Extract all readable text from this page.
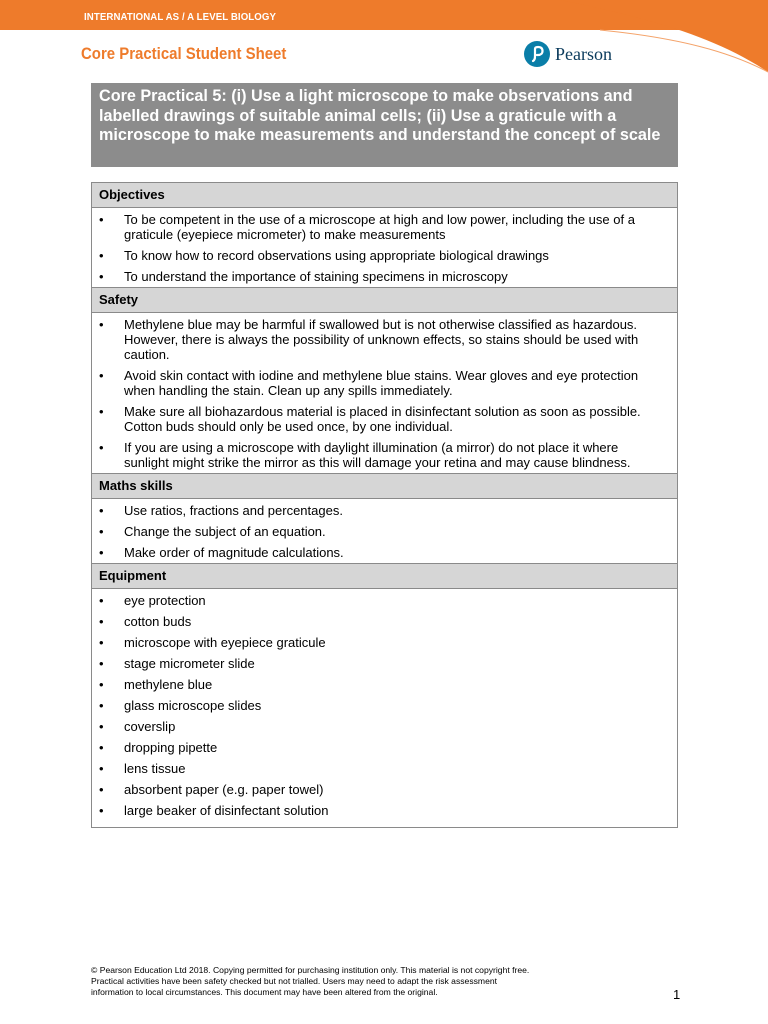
INTERNATIONAL AS / A LEVEL BIOLOGY
Core Practical Student Sheet	Pearson
Core Practical 5: (i) Use a light microscope to make observations and labelled drawings of suitable animal cells; (ii) Use a graticule with a microscope to make measurements and understand the concept of scale
Objectives
• To be competent in the use of a microscope at high and low power, including the use of a graticule (eyepiece micrometer) to make measurements
• To know how to record observations using appropriate biological drawings
• To understand the importance of staining specimens in microscopy
Safety
• Methylene blue may be harmful if swallowed but is not otherwise classified as hazardous. However, there is always the possibility of unknown effects, so stains should be used with caution.
• Avoid skin contact with iodine and methylene blue stains. Wear gloves and eye protection when handling the stain. Clean up any spills immediately.
• Make sure all biohazardous material is placed in disinfectant solution as soon as possible. Cotton buds should only be used once, by one individual.
• If you are using a microscope with daylight illumination (a mirror) do not place it where sunlight might strike the mirror as this will damage your retina and may cause blindness.
Maths skills
• Use ratios, fractions and percentages.
• Change the subject of an equation.
• Make order of magnitude calculations.
Equipment
• eye protection
• cotton buds
• microscope with eyepiece graticule
• stage micrometer slide
• methylene blue
• glass microscope slides
• coverslip
• dropping pipette
• lens tissue
• absorbent paper (e.g. paper towel)
• large beaker of disinfectant solution
© Pearson Education Ltd 2018. Copying permitted for purchasing institution only. This material is not copyright free.
Practical activities have been safety checked but not trialled. Users may need to adapt the risk assessment
information to local circumstances. This document may have been altered from the original.	1
